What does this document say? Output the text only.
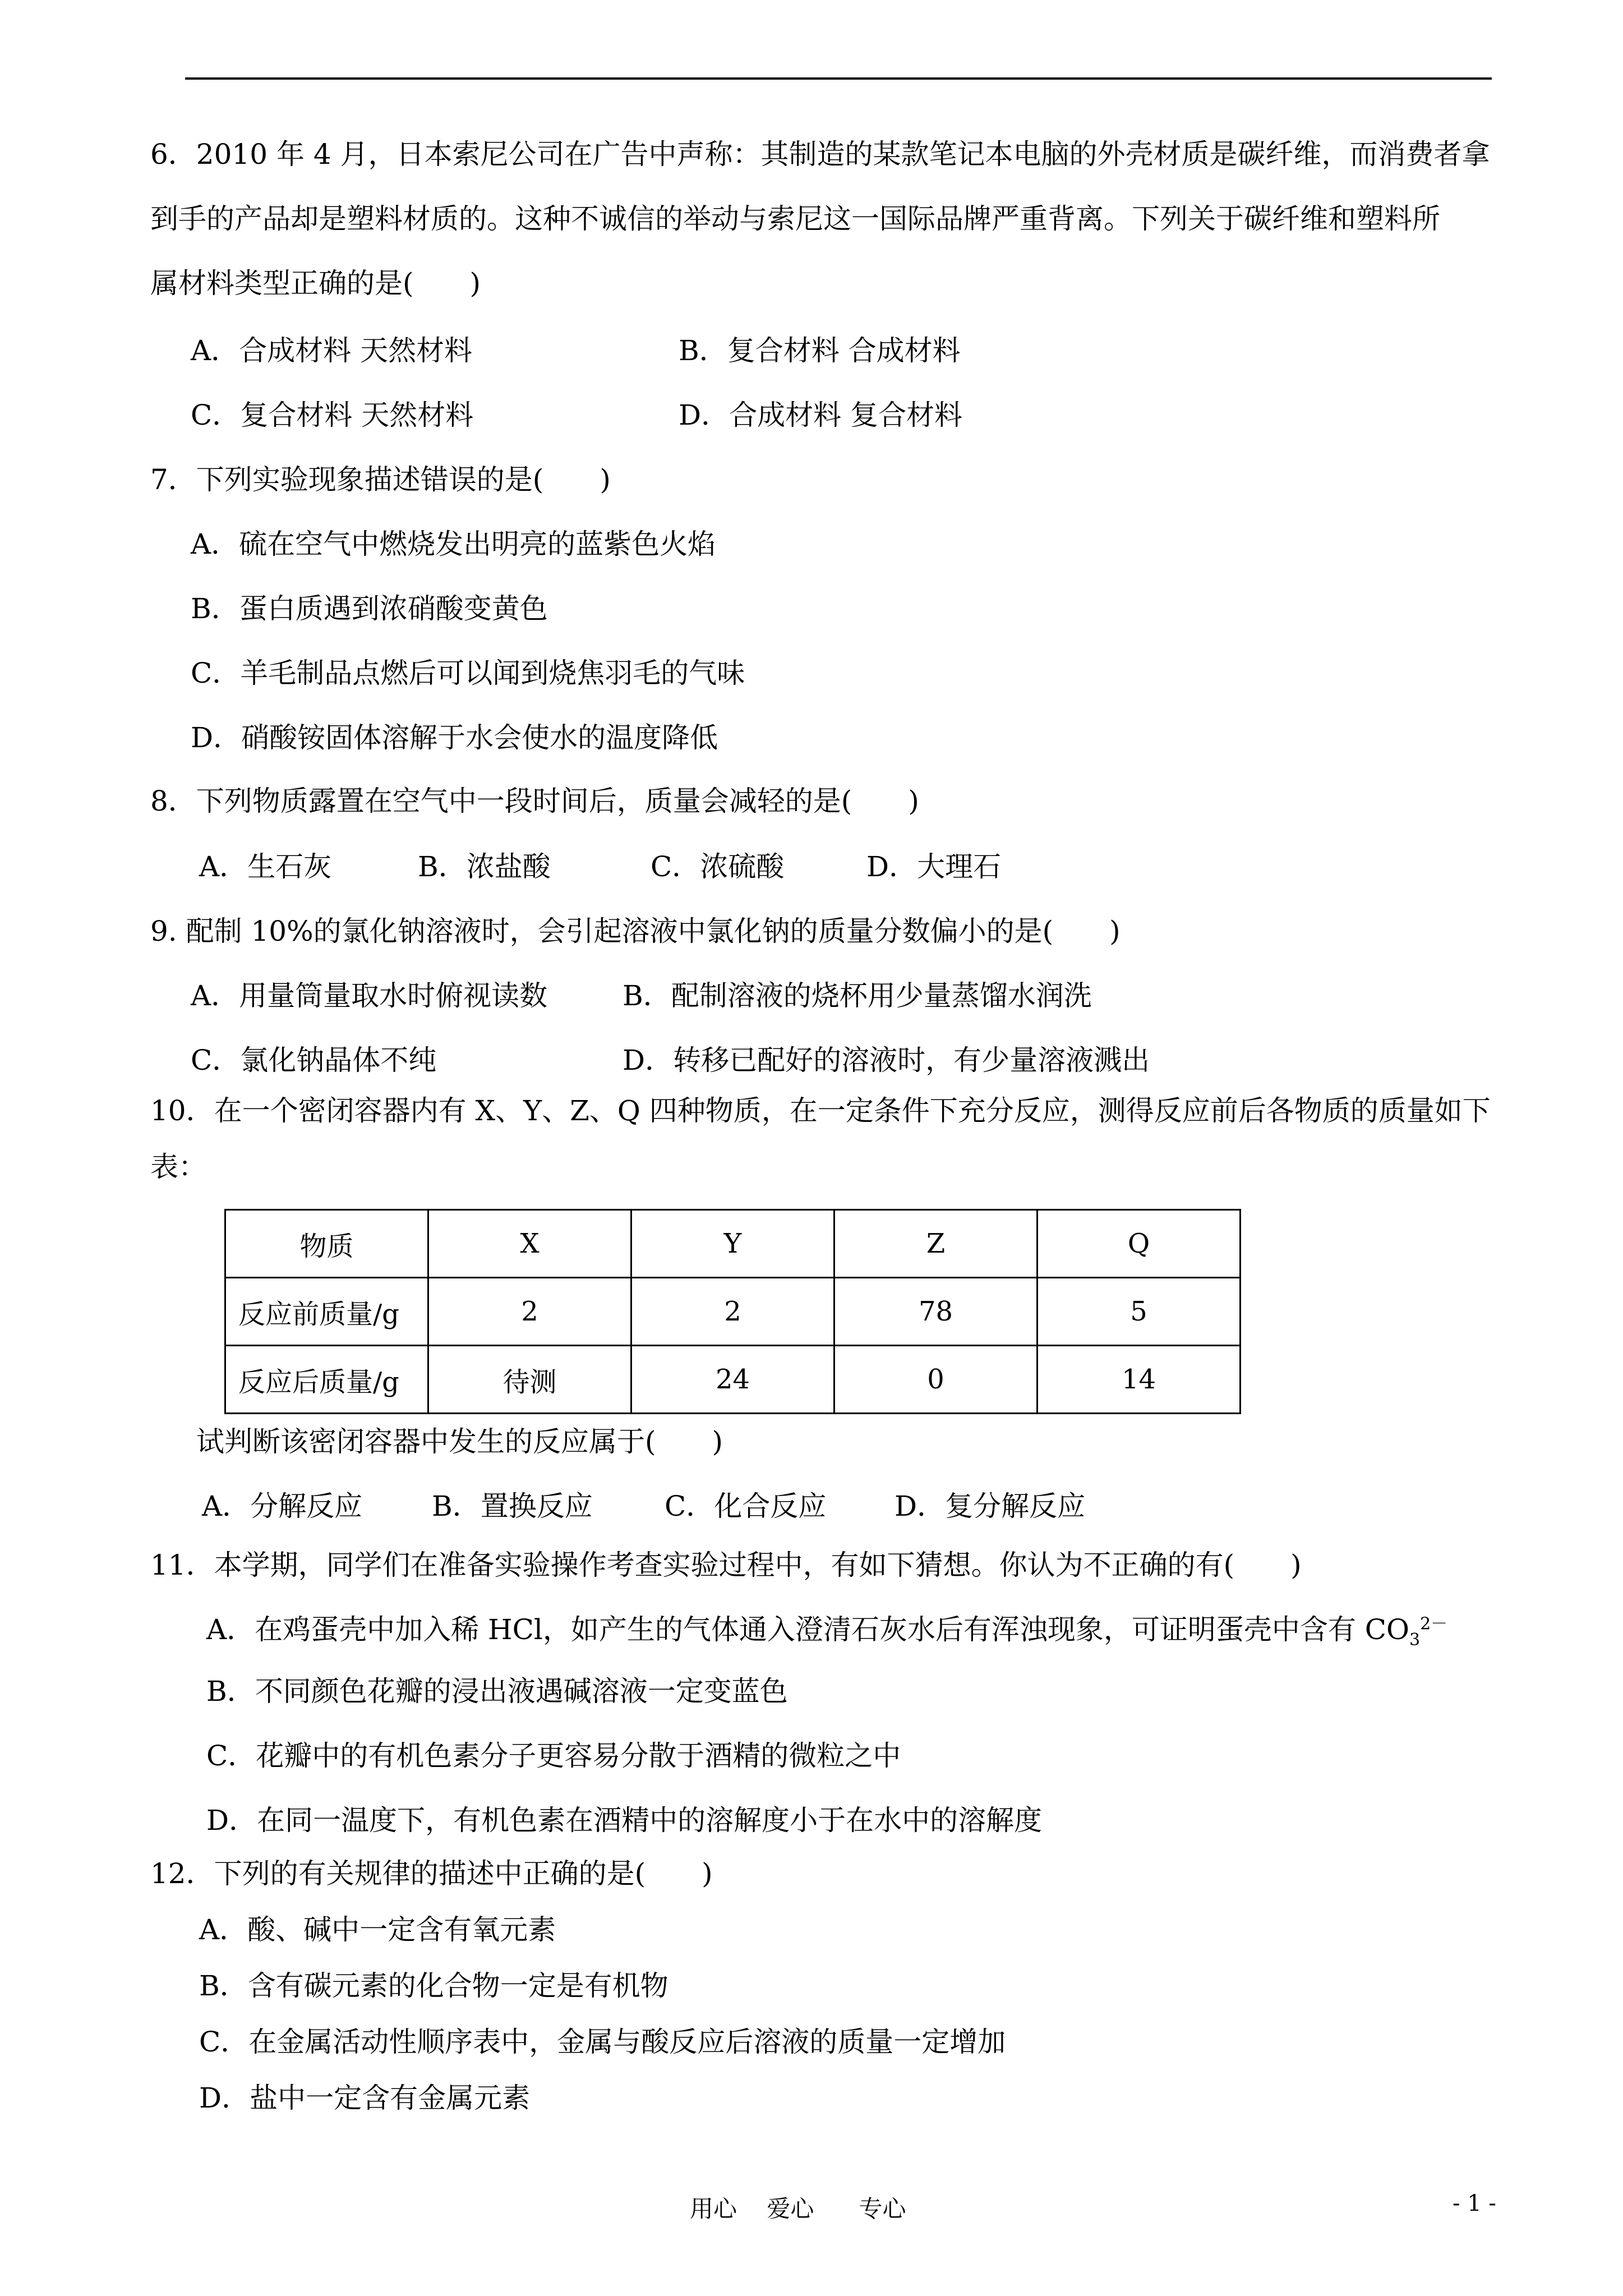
6．2010 年 4 月，日本索尼公司在广告中声称：其制造的某款笔记本电脑的外壳材质是碳纤维，而消费者拿
到手的产品却是塑料材质的。这种不诚信的举动与索尼这一国际品牌严重背离。下列关于碳纤维和塑料所
属材料类型正确的是(　　)
A．合成材料 天然材料	B．复合材料 合成材料
C．复合材料 天然材料	D．合成材料 复合材料
7．下列实验现象描述错误的是(　　)
A．硫在空气中燃烧发出明亮的蓝紫色火焰
B．蛋白质遇到浓硝酸变黄色
C．羊毛制品点燃后可以闻到烧焦羽毛的气味
D．硝酸铵固体溶解于水会使水的温度降低
8．下列物质露置在空气中一段时间后，质量会减轻的是(　　)
A．生石灰	B．浓盐酸	C．浓硫酸	D．大理石
9. 配制 10%的氯化钠溶液时，会引起溶液中氯化钠的质量分数偏小的是(　　)
A．用量筒量取水时俯视读数	B．配制溶液的烧杯用少量蒸馏水润洗
C．氯化钠晶体不纯	D．转移已配好的溶液时，有少量溶液溅出
10．在一个密闭容器内有 X、Y、Z、Q 四种物质，在一定条件下充分反应，测得反应前后各物质的质量如下
表：
物质	X	Y	Z	Q
反应前质量/g	2	2	78	5
反应后质量/g	待测	24	0	14
试判断该密闭容器中发生的反应属于(　　)
A．分解反应 B．置换反应	C．化合反应 D．复分解反应
11．本学期，同学们在准备实验操作考查实验过程中，有如下猜想。你认为不正确的有(　　)
A．在鸡蛋壳中加入稀 HCl，如产生的气体通入澄清石灰水后有浑浊现象，可证明蛋壳中含有 $CO_3^{2-}$
B．不同颜色花瓣的浸出液遇碱溶液一定变蓝色
C．花瓣中的有机色素分子更容易分散于酒精的微粒之中
D．在同一温度下，有机色素在酒精中的溶解度小于在水中的溶解度
12．下列的有关规律的描述中正确的是(　　)
A．酸、碱中一定含有氧元素
B．含有碳元素的化合物一定是有机物
C．在金属活动性顺序表中，金属与酸反应后溶液的质量一定增加
D．盐中一定含有金属元素
用心    爱心      专心	- 1 -
